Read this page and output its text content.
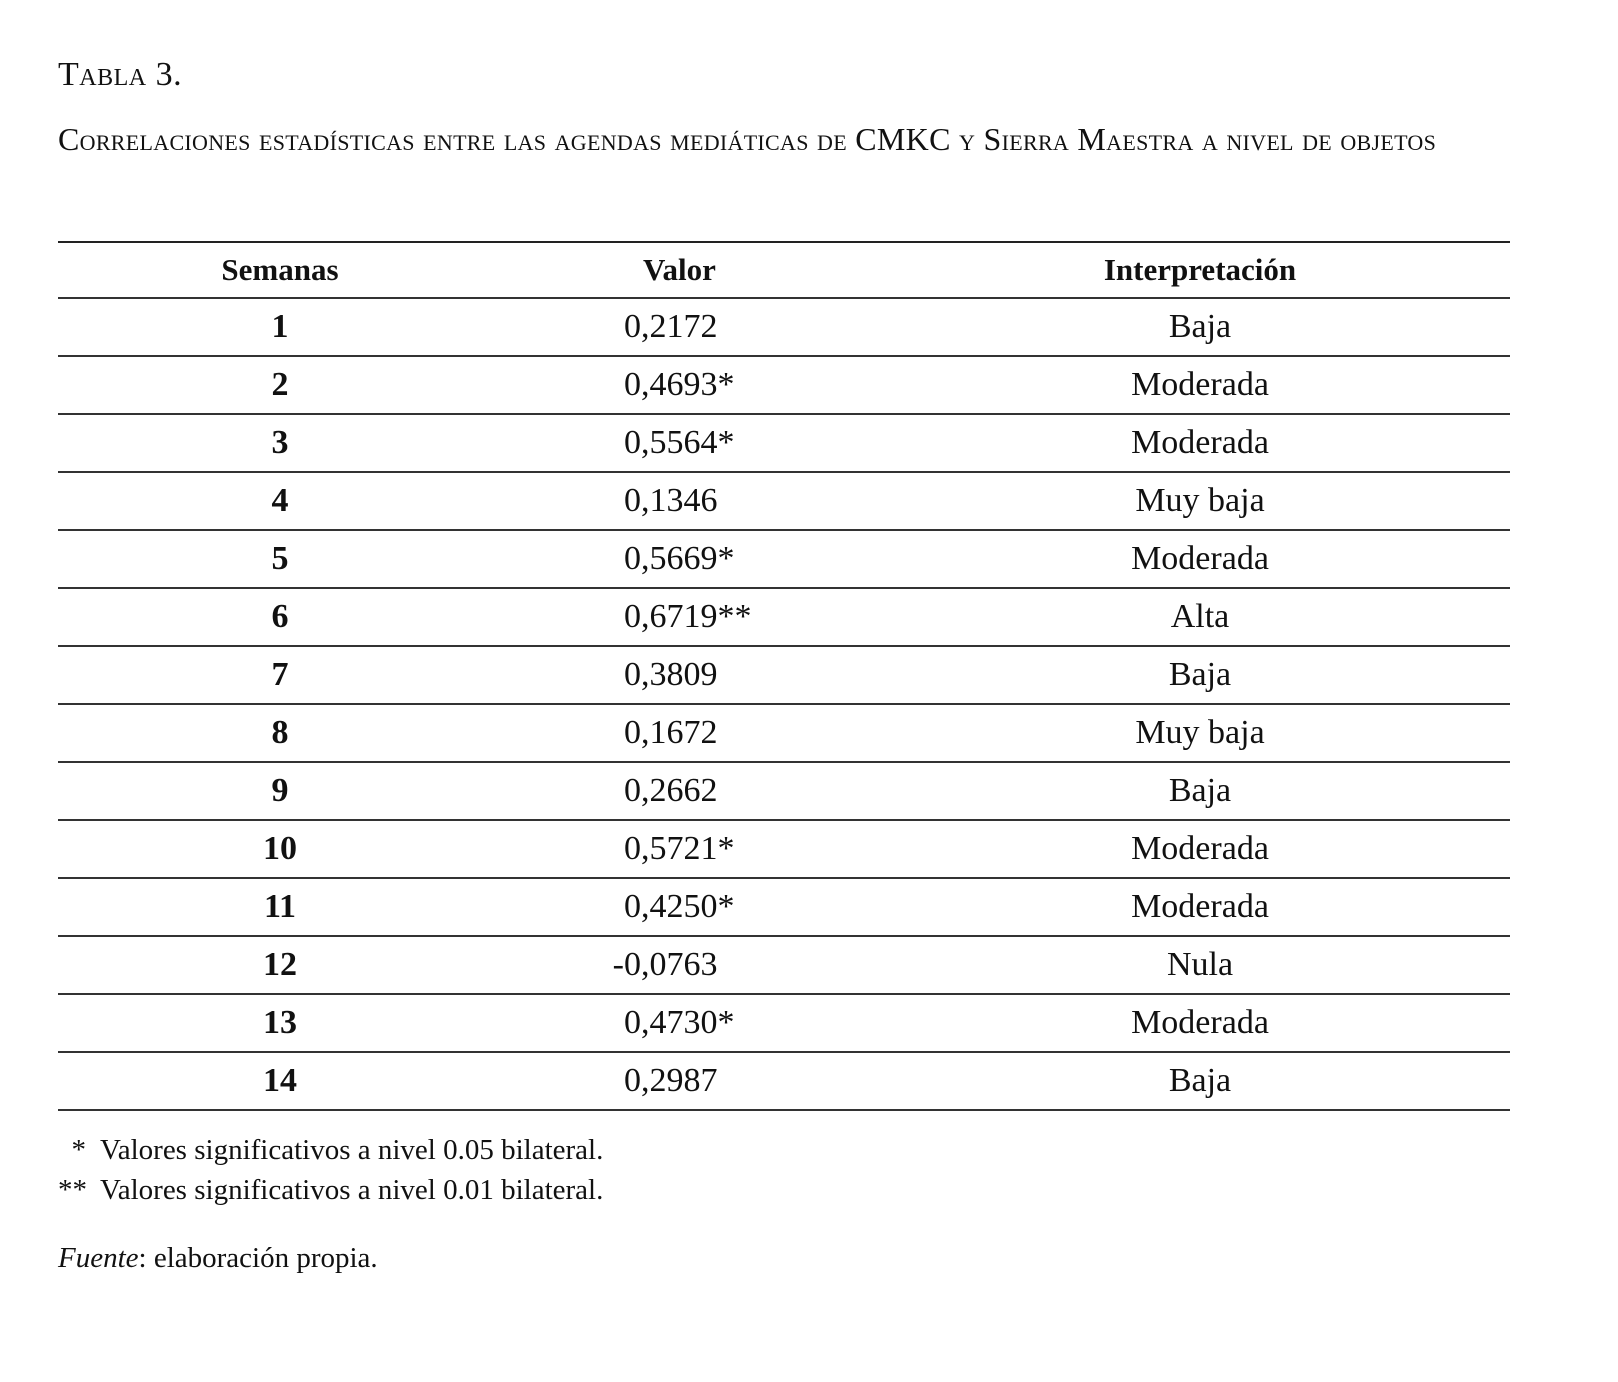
Tabla 3.
Correlaciones estadísticas entre las agendas mediáticas de CMKC y Sierra Maestra a nivel de objetos
Semanas	Valor	Interpretación
1	0,2172	Baja
2	0,4693*	Moderada
3	0,5564*	Moderada
4	0,1346	Muy baja
5	0,5669*	Moderada
6	0,6719**	Alta
7	0,3809	Baja
8	0,1672	Muy baja
9	0,2662	Baja
10	0,5721*	Moderada
11	0,4250*	Moderada
12	- 0,0763	Nula
13	0,4730*	Moderada
14	0,2987	Baja
* Valores significativos a nivel 0.05 bilateral.
** Valores significativos a nivel 0.01 bilateral.
Fuente: elaboración propia.
